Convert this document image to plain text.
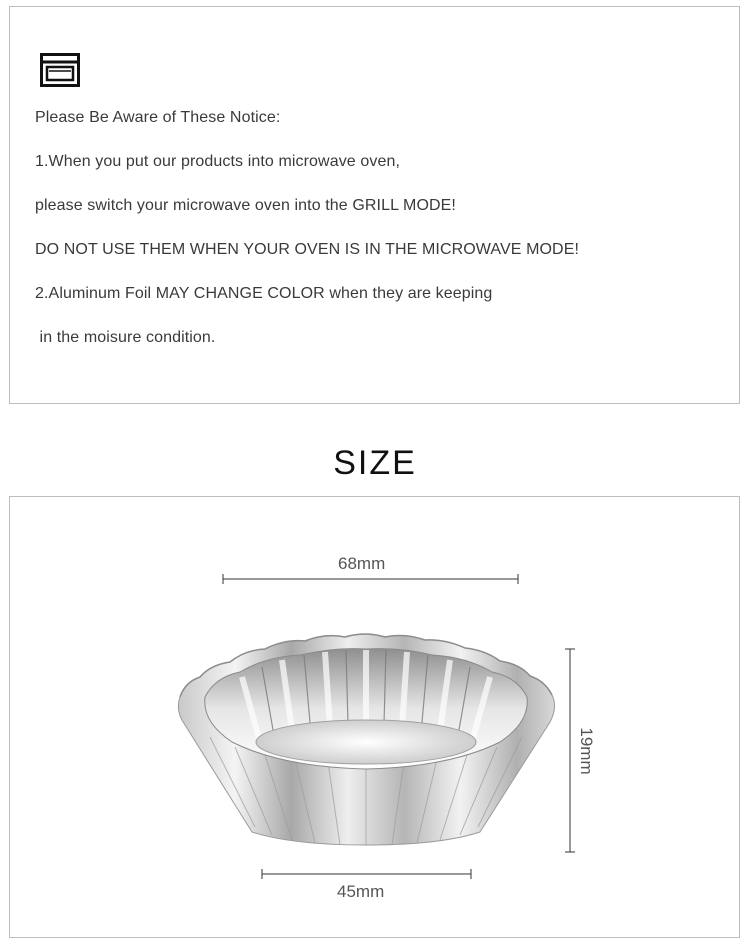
Please Be Aware of These Notice:
1.When you put our products into microwave oven,
please switch your microwave oven into the GRILL MODE!
DO NOT USE THEM WHEN YOUR OVEN IS IN THE MICROWAVE MODE!
2.Aluminum Foil MAY CHANGE COLOR when they are keeping
in the moisure condition.
SIZE
68mm
45mm
19mm
